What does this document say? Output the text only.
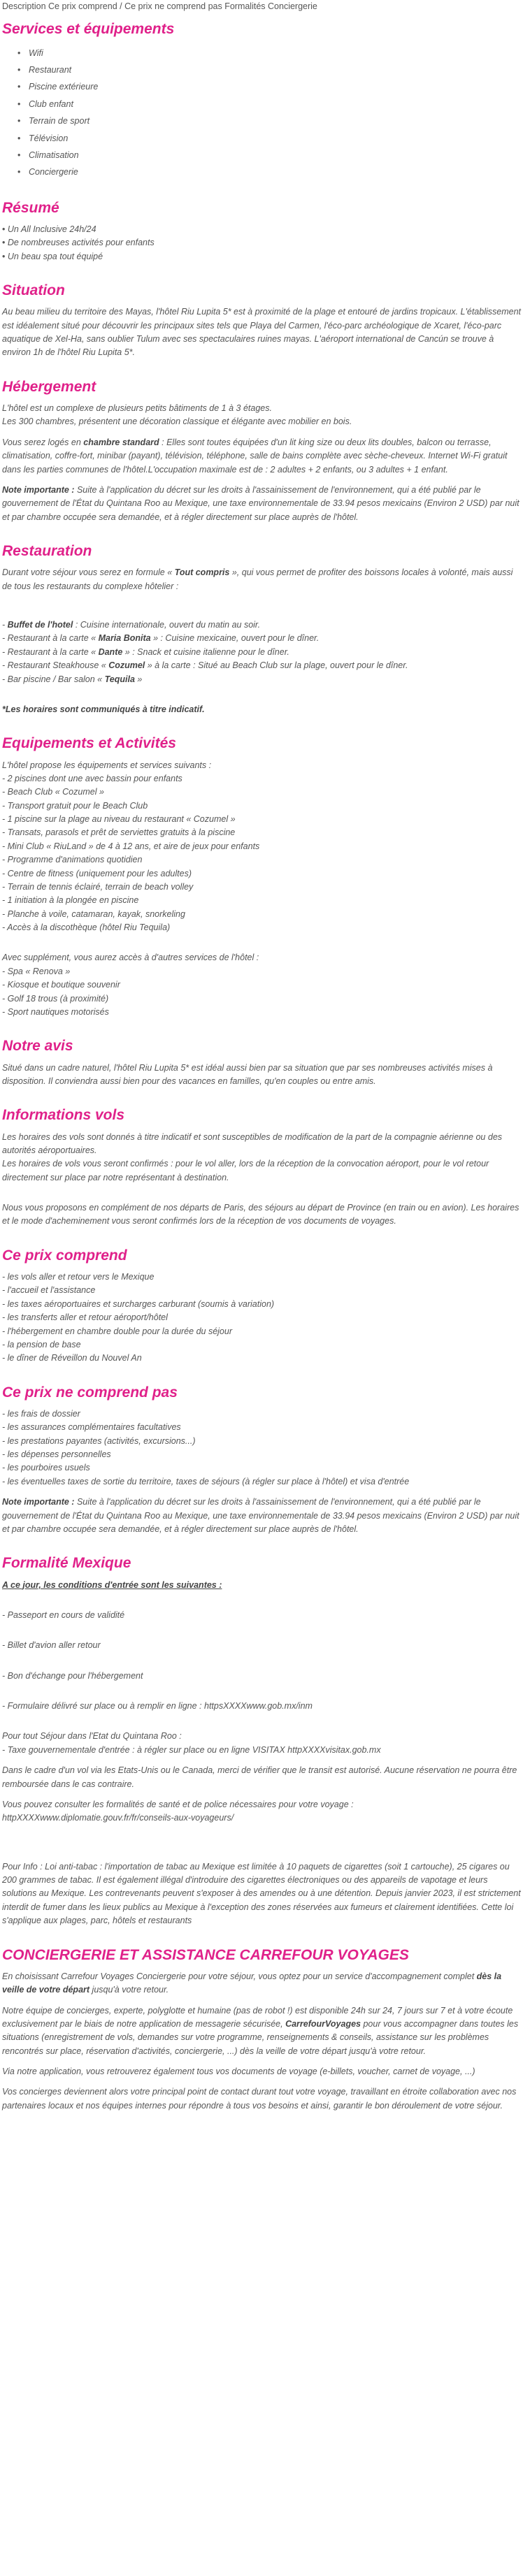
Description Ce prix comprend / Ce prix ne comprend pas Formalités Conciergerie
Services et équipements
• Wifi
• Restaurant
• Piscine extérieure
• Club enfant
• Terrain de sport
• Télévision
• Climatisation
• Conciergerie
Résumé
• Un All Inclusive 24h/24
• De nombreuses activités pour enfants
• Un beau spa tout équipé
Situation

Au beau milieu du territoire des Mayas, l'hôtel Riu Lupita 5* est à proximité de la plage et entouré de jardins tropicaux. L'établissement est idéalement situé pour découvrir les principaux sites tels que Playa del Carmen, l'éco-parc archéologique de Xcaret, l'éco-parc aquatique de Xel-Ha, sans oublier Tulum avec ses spectaculaires ruines mayas. L'aéroport international de Cancún se trouve à environ 1h de l'hôtel Riu Lupita 5*.

Hébergement

L'hôtel est un complexe de plusieurs petits bâtiments de 1 à 3 étages.
Les 300 chambres, présentent une décoration classique et élégante avec mobilier en bois.

Vous serez logés en chambre standard : Elles sont toutes équipées d'un lit king size ou deux lits doubles, balcon ou terrasse, climatisation, coffre-fort, minibar (payant), télévision, téléphone, salle de bains complète avec sèche-cheveux. Internet Wi-Fi gratuit dans les parties communes de l'hôtel.L'occupation maximale est de : 2 adultes + 2 enfants, ou 3 adultes + 1 enfant.

Note importante : Suite à l'application du décret sur les droits à l'assainissement de l'environnement, qui a été publié par le gouvernement de l'État du Quintana Roo au Mexique, une taxe environnementale de 33.94 pesos mexicains (Environ 2 USD) par nuit et par chambre occupée sera demandée, et à régler directement sur place auprès de l'hôtel.

Restauration

Durant votre séjour vous serez en formule « Tout compris », qui vous permet de profiter des boissons locales à volonté, mais aussi de tous les restaurants du complexe hôtelier :

- Buffet de l'hotel : Cuisine internationale, ouvert du matin au soir.
- Restaurant à la carte « Maria Bonita » : Cuisine mexicaine, ouvert pour le dîner.
- Restaurant à la carte « Dante » : Snack et cuisine italienne pour le dîner.
- Restaurant Steakhouse « Cozumel » à la carte : Situé au Beach Club sur la plage, ouvert pour le dîner.
- Bar piscine / Bar salon « Tequila »

*Les horaires sont communiqués à titre indicatif.

Equipements et Activités

L'hôtel propose les équipements et services suivants :

- 2 piscines dont une avec bassin pour enfants
- Beach Club « Cozumel »
- Transport gratuit pour le Beach Club
- 1 piscine sur la plage au niveau du restaurant « Cozumel »
- Transats, parasols et prêt de serviettes gratuits à la piscine
- Mini Club « RiuLand » de 4 à 12 ans, et aire de jeux pour enfants
- Programme d'animations quotidien
- Centre de fitness (uniquement pour les adultes)
- Terrain de tennis éclairé, terrain de beach volley
- 1 initiation à la plongée en piscine
- Planche à voile, catamaran, kayak, snorkeling
- Accès à la discothèque (hôtel Riu Tequila)

Avec supplément, vous aurez accès à d'autres services de l'hôtel :

- Spa « Renova »
- Kiosque et boutique souvenir
- Golf 18 trous (à proximité)
- Sport nautiques motorisés
Notre avis

Situé dans un cadre naturel, l'hôtel Riu Lupita 5* est idéal aussi bien par sa situation que par ses nombreuses activités mises à disposition. Il conviendra aussi bien pour des vacances en familles, qu'en couples ou entre amis.

Informations vols

Les horaires des vols sont donnés à titre indicatif et sont susceptibles de modification de la part de la compagnie aérienne ou des autorités aéroportuaires.
Les horaires de vols vous seront confirmés : pour le vol aller, lors de la réception de la convocation aéroport, pour le vol retour directement sur place par notre représentant à destination.

Nous vous proposons en complément de nos départs de Paris, des séjours au départ de Province (en train ou en avion). Les horaires et le mode d'acheminement vous seront confirmés lors de la réception de vos documents de voyages.

Ce prix comprend
- les vols aller et retour vers le Mexique
- l'accueil et l'assistance
- les taxes aéroportuaires et surcharges carburant (soumis à variation)
- les transferts aller et retour aéroport/hôtel
- l'hébergement en chambre double pour la durée du séjour
- la pension de base
- le dîner de Réveillon du Nouvel An
Ce prix ne comprend pas
- les frais de dossier
- les assurances complémentaires facultatives
- les prestations payantes (activités, excursions...)
- les dépenses personnelles
- les pourboires usuels
- les éventuelles taxes de sortie du territoire, taxes de séjours (à régler sur place à l'hôtel) et visa d'entrée

Note importante : Suite à l'application du décret sur les droits à l'assainissement de l'environnement, qui a été publié par le gouvernement de l'État du Quintana Roo au Mexique, une taxe environnementale de 33.94 pesos mexicains (Environ 2 USD) par nuit et par chambre occupée sera demandée, et à régler directement sur place auprès de l'hôtel.

Formalité Mexique

A ce jour, les conditions d'entrée sont les suivantes :

- Passeport en cours de validité

- Billet d'avion aller retour

- Bon d'échange pour l'hébergement

- Formulaire délivré sur place ou à remplir en ligne : httpsXXXXwww.gob.mx/inm

Pour tout Séjour dans l'Etat du Quintana Roo :
- Taxe gouvernementale d'entrée : à régler sur place ou en ligne VISITAX httpXXXXvisitax.gob.mx

Dans le cadre d'un vol via les Etats-Unis ou le Canada, merci de vérifier que le transit est autorisé. Aucune réservation ne pourra être remboursée dans le cas contraire.

Vous pouvez consulter les formalités de santé et de police nécessaires pour votre voyage :
httpXXXXwww.diplomatie.gouv.fr/fr/conseils-aux-voyageurs/

Pour Info : Loi anti-tabac : l'importation de tabac au Mexique est limitée à 10 paquets de cigarettes (soit 1 cartouche), 25 cigares ou 200 grammes de tabac. Il est également illégal d'introduire des cigarettes électroniques ou des appareils de vapotage et leurs solutions au Mexique. Les contrevenants peuvent s'exposer à des amendes ou à une détention. Depuis janvier 2023, il est strictement interdit de fumer dans les lieux publics au Mexique à l'exception des zones réservées aux fumeurs et clairement identifiées. Cette loi s'applique aux plages, parc, hôtels et restaurants

CONCIERGERIE ET ASSISTANCE CARREFOUR VOYAGES

En choisissant Carrefour Voyages Conciergerie pour votre séjour, vous optez pour un service d'accompagnement complet dès la veille de votre départ jusqu'à votre retour.

Notre équipe de concierges, experte, polyglotte et humaine (pas de robot !) est disponible 24h sur 24, 7 jours sur 7 et à votre écoute exclusivement par le biais de notre application de messagerie sécurisée, CarrefourVoyages pour vous accompagner dans toutes les situations (enregistrement de vols, demandes sur votre programme, renseignements & conseils, assistance sur les problèmes rencontrés sur place, réservation d'activités, conciergerie, ...) dès la veille de votre départ jusqu'à votre retour.

Via notre application, vous retrouverez également tous vos documents de voyage (e-billets, voucher, carnet de voyage, ...)

Vos concierges deviennent alors votre principal point de contact durant tout votre voyage, travaillant en étroite collaboration avec nos partenaires locaux et nos équipes internes pour répondre à tous vos besoins et ainsi, garantir le bon déroulement de votre séjour.
